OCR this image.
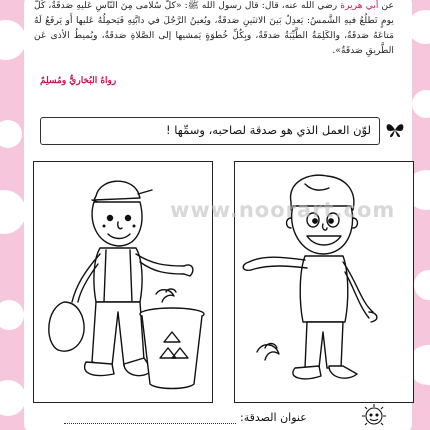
عن أبي هريرة رضي الله عنه، قال: قال رسول الله ﷺ: «كلُّ سُلامى مِنَ النّاسِ عَليهِ صَدقَةٌ، كُلَّ يومٍ تَطلُعُ فيهِ الشَّمسُ: يَعدِلُ بَينَ الاثنَينِ صَدقَةٌ، ويُعينُ الرَّجُلَ في دابَّتِهِ فَيَحمِلُهُ عَليها أَو يَرفَعُ لَهُ مَتاعَهُ صَدقَةٌ، والكَلِمَةُ الطَّيِّبَةُ صَدقَةٌ، وبِكُلِّ خُطوَةٍ يَمشيها إلى الصَّلاةِ صَدقَةٌ، ويُميطُ الأذى عَن الطَّريقِ صَدقَةٌ».
رواهُ البُخاريُّ ومُسلِمٌ
لوّن العمل الذي هو صدقة لصاحبه، وسمِّها !
www.noorart.com
عنوان الصدقة:
